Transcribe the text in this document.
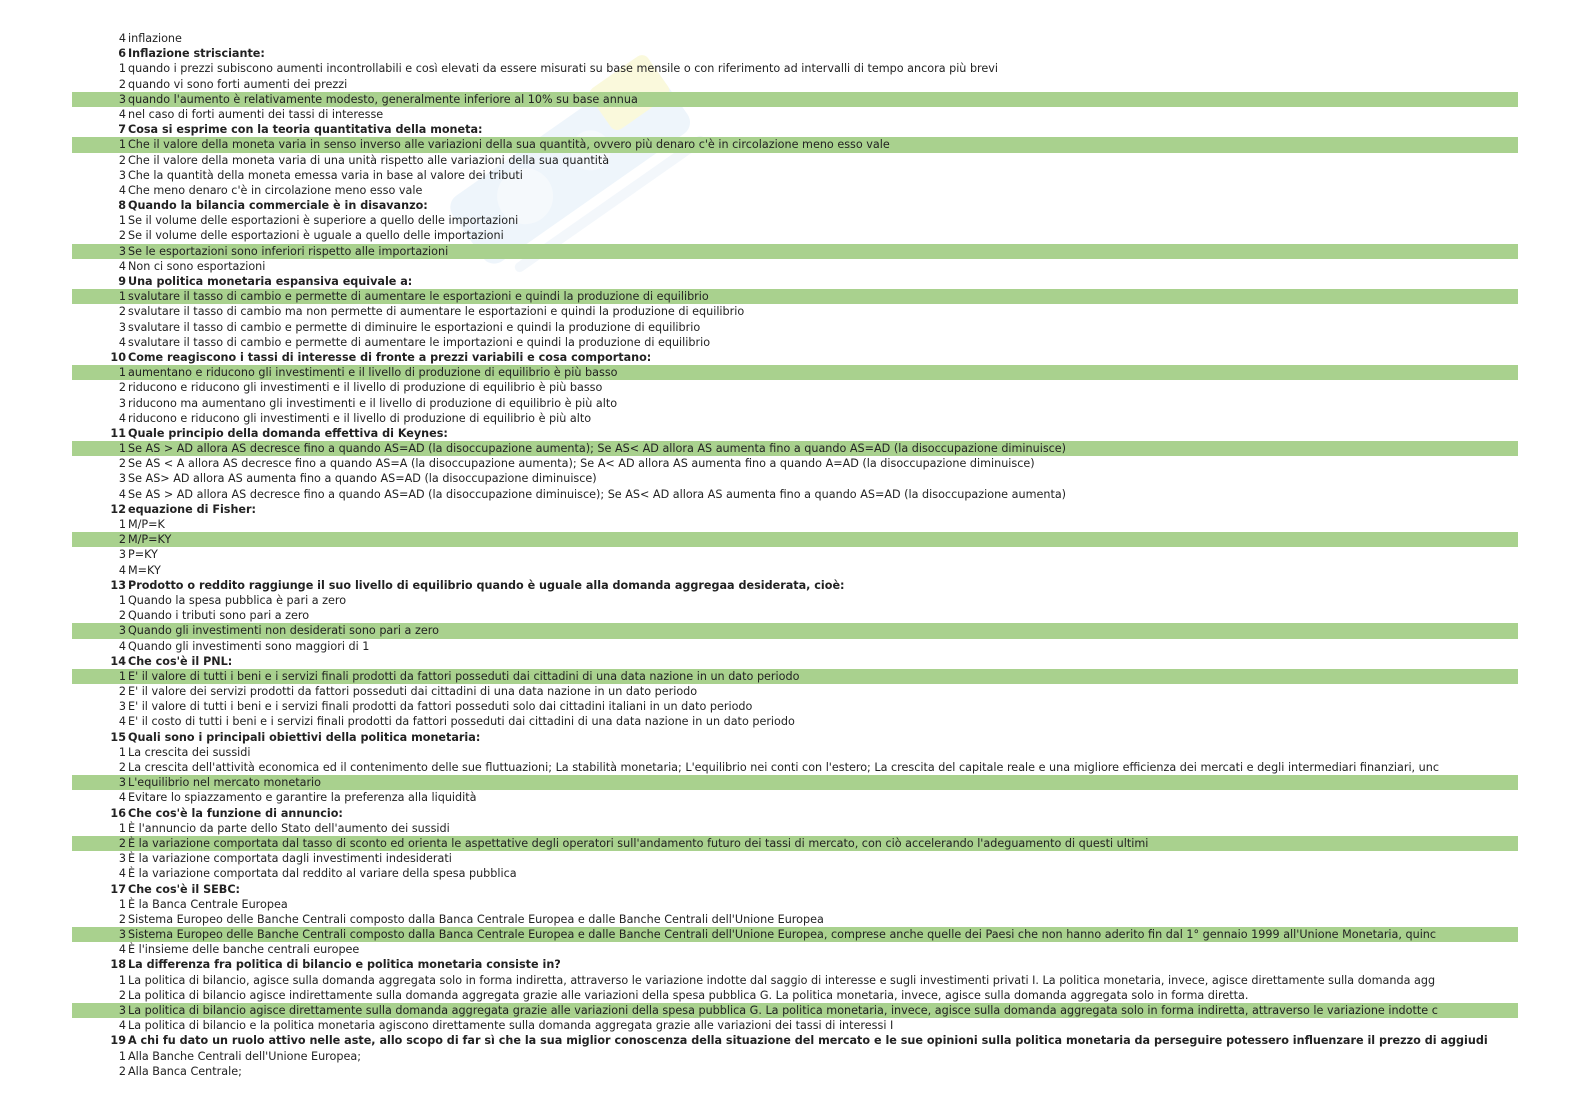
4 inflazione
6 Inflazione strisciante:
1 quando i prezzi subiscono aumenti incontrollabili e così elevati da essere misurati su base mensile o con riferimento ad intervalli di tempo ancora più brevi
2 quando vi sono forti aumenti dei prezzi
3 quando l'aumento è relativamente modesto, generalmente inferiore al 10% su base annua
4 nel caso di forti aumenti dei tassi di interesse
7 Cosa si esprime con la teoria quantitativa della moneta:
1 Che il valore della moneta varia in senso inverso alle variazioni della sua quantità, ovvero più denaro c'è in circolazione meno esso vale
2 Che il valore della moneta varia di una unità rispetto alle variazioni della sua quantità
3 Che la quantità della moneta emessa varia in base al valore dei tributi
4 Che meno denaro c'è in circolazione meno esso vale
8 Quando la bilancia commerciale è in disavanzo:
1 Se il volume delle esportazioni è superiore a quello delle importazioni
2 Se il volume delle esportazioni è uguale a quello delle importazioni
3 Se le esportazioni sono inferiori rispetto alle importazioni
4 Non ci sono esportazioni
9 Una politica monetaria espansiva equivale a:
1 svalutare il tasso di cambio e permette di aumentare le esportazioni e quindi la produzione di equilibrio
2 svalutare il tasso di cambio ma non permette di aumentare le esportazioni e quindi la produzione di equilibrio
3 svalutare il tasso di cambio e permette di diminuire le esportazioni e quindi la produzione di equilibrio
4 svalutare il tasso di cambio e permette di aumentare le importazioni e quindi la produzione di equilibrio
10 Come reagiscono i tassi di interesse di fronte a prezzi variabili e cosa comportano:
1 aumentano e riducono gli investimenti e il livello di produzione di equilibrio è più basso
2 riducono e riducono gli investimenti e il livello di produzione di equilibrio è più basso
3 riducono ma aumentano gli investimenti e il livello di produzione di equilibrio è più alto
4 riducono e riducono gli investimenti e il livello di produzione di equilibrio è più alto
11 Quale principio della domanda effettiva di Keynes:
1 Se AS > AD allora AS decresce fino a quando AS=AD (la disoccupazione aumenta); Se AS< AD allora AS aumenta fino a quando AS=AD (la disoccupazione diminuisce)
2 Se AS < A allora AS decresce fino a quando AS=A (la disoccupazione aumenta); Se A< AD allora AS aumenta fino a quando A=AD (la disoccupazione diminuisce)
3 Se AS> AD allora AS aumenta fino a quando AS=AD (la disoccupazione diminuisce)
4 Se AS > AD allora AS decresce fino a quando AS=AD (la disoccupazione diminuisce); Se AS< AD allora AS aumenta fino a quando AS=AD (la disoccupazione aumenta)
12 equazione di Fisher:
1 M/P=K
2 M/P=KY
3 P=KY
4 M=KY
13 Prodotto o reddito raggiunge il suo livello di equilibrio quando è uguale alla domanda aggregaa desiderata, cioè:
1 Quando la spesa pubblica è pari a zero
2 Quando i tributi sono pari a zero
3 Quando gli investimenti non desiderati sono pari a zero
4 Quando gli investimenti sono maggiori di 1
14 Che cos'è il PNL:
1 E' il valore di tutti i beni e i servizi finali prodotti da fattori posseduti dai cittadini di una data nazione in un dato periodo
2 E' il valore dei servizi prodotti da fattori posseduti dai cittadini di una data nazione in un dato periodo
3 E' il valore di tutti i beni e i servizi finali prodotti da fattori posseduti solo dai cittadini italiani in un dato periodo
4 E' il costo di tutti i beni e i servizi finali prodotti da fattori posseduti dai cittadini di una data nazione in un dato periodo
15 Quali sono i principali obiettivi della politica monetaria:
1 La crescita dei sussidi
2 La crescita dell'attività economica ed il contenimento delle sue fluttuazioni; La stabilità monetaria; L'equilibrio nei conti con l'estero; La crescita del capitale reale e una migliore efficienza dei mercati e degli intermediari finanziari, unc
3 L'equilibrio nel mercato monetario
4 Evitare lo spiazzamento e garantire la preferenza alla liquidità
16 Che cos'è la funzione di annuncio:
1 È l'annuncio da parte dello Stato dell'aumento dei sussidi
2 È la variazione comportata dal tasso di sconto ed orienta le aspettative degli operatori sull'andamento futuro dei tassi di mercato, con ciò accelerando l'adeguamento di questi ultimi
3 È la variazione comportata dagli investimenti indesiderati
4 È la variazione comportata dal reddito al variare della spesa pubblica
17 Che cos'è il SEBC:
1 È la Banca Centrale Europea
2 Sistema Europeo delle Banche Centrali composto dalla Banca Centrale Europea e dalle Banche Centrali dell'Unione Europea
3 Sistema Europeo delle Banche Centrali composto dalla Banca Centrale Europea e dalle Banche Centrali dell'Unione Europea, comprese anche quelle dei Paesi che non hanno aderito fin dal 1° gennaio 1999 all'Unione Monetaria, quinc
4 È l'insieme delle banche centrali europee
18 La differenza fra politica di bilancio e politica monetaria consiste in?
1 La politica di bilancio, agisce sulla domanda aggregata solo in forma indiretta, attraverso le variazione indotte dal saggio di interesse e sugli investimenti privati I. La politica monetaria, invece, agisce direttamente sulla domanda agg
2 La politica di bilancio agisce indirettamente sulla domanda aggregata grazie alle variazioni della spesa pubblica G. La politica monetaria, invece, agisce sulla domanda aggregata solo in forma diretta.
3 La politica di bilancio agisce direttamente sulla domanda aggregata grazie alle variazioni della spesa pubblica G. La politica monetaria, invece, agisce sulla domanda aggregata solo in forma indiretta, attraverso le variazione indotte c
4 La politica di bilancio e la politica monetaria agiscono direttamente sulla domanda aggregata grazie alle variazioni dei tassi di interessi I
19 A chi fu dato un ruolo attivo nelle aste, allo scopo di far sì che la sua miglior conoscenza della situazione del mercato e le sue opinioni sulla politica monetaria da perseguire potessero influenzare il prezzo di aggiudi
1 Alla Banche Centrali dell'Unione Europea;
2 Alla Banca Centrale;
